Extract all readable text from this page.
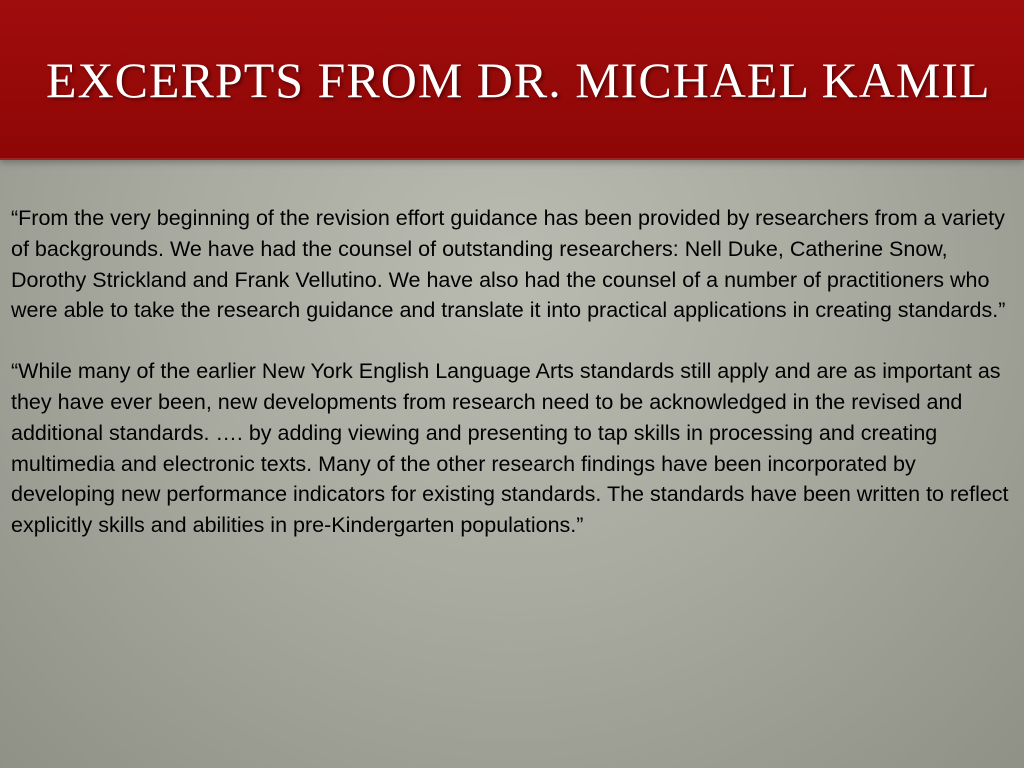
EXCERPTS FROM DR. MICHAEL KAMIL

“From the very beginning of the revision effort guidance has been provided by researchers from a variety of backgrounds. We have had the counsel of outstanding researchers: Nell Duke, Catherine Snow, Dorothy Strickland and Frank Vellutino. We have also had the counsel of a number of practitioners who were able to take the research guidance and translate it into practical applications in creating standards.”

“While many of the earlier New York English Language Arts standards still apply and are as important as they have ever been, new developments from research need to be acknowledged in the revised and additional standards. …. by adding viewing and presenting to tap skills in processing and creating multimedia and electronic texts. Many of the other research findings have been incorporated by developing new performance indicators for existing standards. The standards have been written to reflect explicitly skills and abilities in pre-Kindergarten populations.”
